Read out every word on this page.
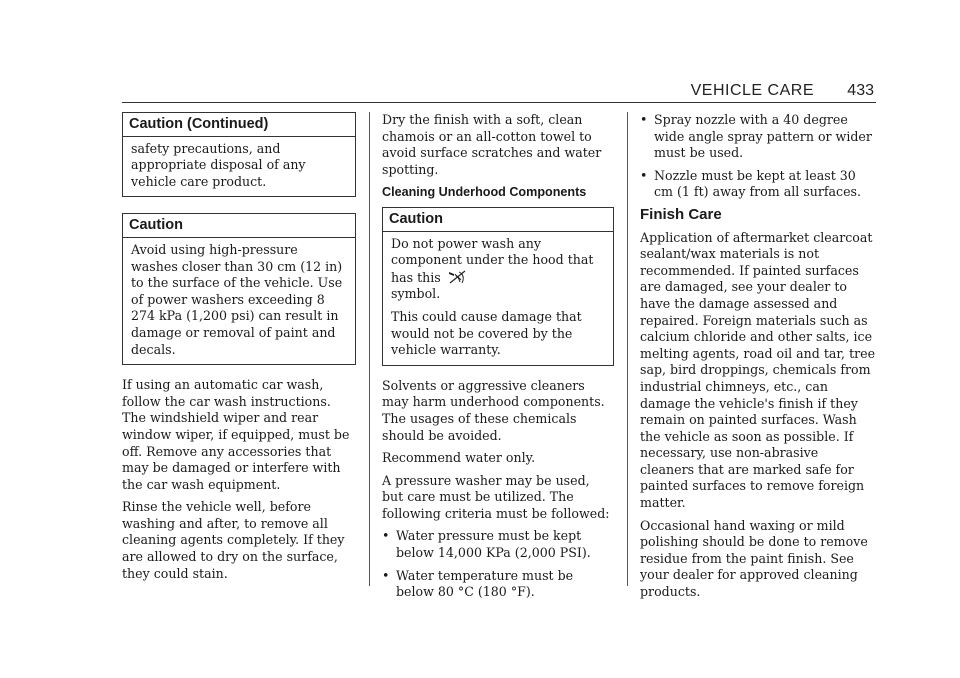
VEHICLE CARE 433
Caution (Continued)

safety precautions, and appropriate disposal of any vehicle care product.

Caution

Avoid using high-pressure washes closer than 30 cm (12 in) to the surface of the vehicle. Use of power washers exceeding 8 274 kPa (1,200 psi) can result in damage or removal of paint and decals.

If using an automatic car wash, follow the car wash instructions. The windshield wiper and rear window wiper, if equipped, must be off. Remove any accessories that may be damaged or interfere with the car wash equipment.

Rinse the vehicle well, before washing and after, to remove all cleaning agents completely. If they are allowed to dry on the surface, they could stain.

Dry the finish with a soft, clean chamois or an all-cotton towel to avoid surface scratches and water spotting.

Cleaning Underhood Components
Caution

Do not power wash any component under the hood that has this
symbol.

This could cause damage that would not be covered by the vehicle warranty.

Solvents or aggressive cleaners may harm underhood components. The usages of these chemicals should be avoided.

Recommend water only.

A pressure washer may be used, but care must be utilized. The following criteria must be followed:

• Water pressure must be kept below 14,000 KPa (2,000 PSI).
• Water temperature must be below 80 °C (180 °F).
• Spray nozzle with a 40 degree wide angle spray pattern or wider must be used.
• Nozzle must be kept at least 30 cm (1 ft) away from all surfaces.
Finish Care

Application of aftermarket clearcoat sealant/wax materials is not recommended. If painted surfaces are damaged, see your dealer to have the damage assessed and repaired. Foreign materials such as calcium chloride and other salts, ice melting agents, road oil and tar, tree sap, bird droppings, chemicals from industrial chimneys, etc., can damage the vehicle's finish if they remain on painted surfaces. Wash the vehicle as soon as possible. If necessary, use non-abrasive cleaners that are marked safe for painted surfaces to remove foreign matter.

Occasional hand waxing or mild polishing should be done to remove residue from the paint finish. See your dealer for approved cleaning products.
